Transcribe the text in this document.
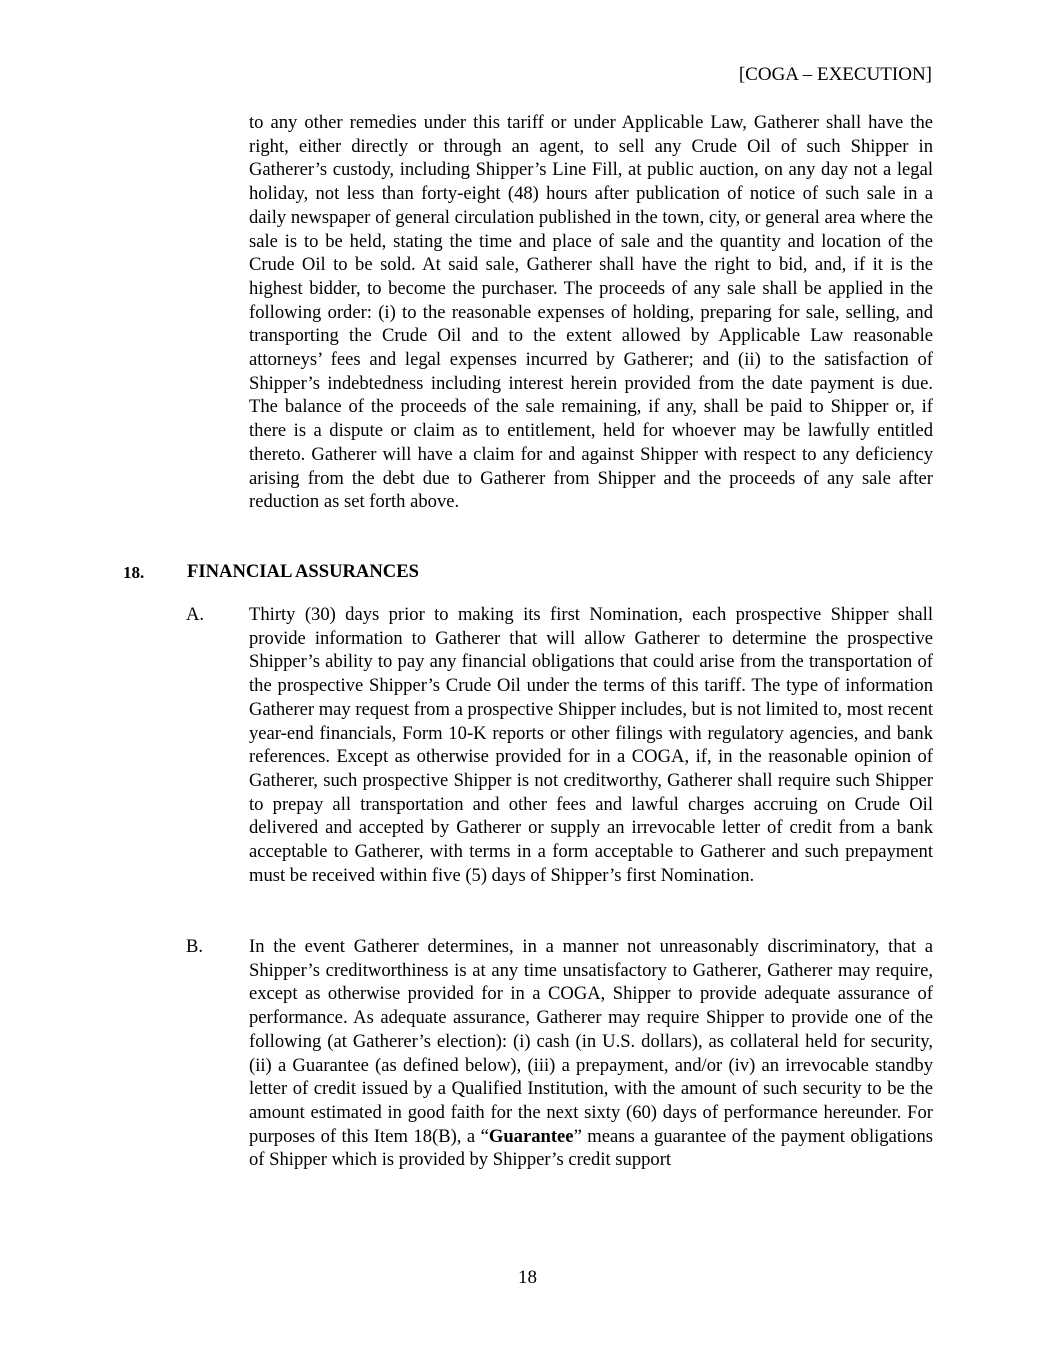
[COGA – EXECUTION]

to any other remedies under this tariff or under Applicable Law, Gatherer shall have the right, either directly or through an agent, to sell any Crude Oil of such Shipper in Gatherer’s custody, including Shipper’s Line Fill, at public auction, on any day not a legal holiday, not less than forty-eight (48) hours after publication of notice of such sale in a daily newspaper of general circulation published in the town, city, or general area where the sale is to be held, stating the time and place of sale and the quantity and location of the Crude Oil to be sold. At said sale, Gatherer shall have the right to bid, and, if it is the highest bidder, to become the purchaser. The proceeds of any sale shall be applied in the following order: (i) to the reasonable expenses of holding, preparing for sale, selling, and transporting the Crude Oil and to the extent allowed by Applicable Law reasonable attorneys’ fees and legal expenses incurred by Gatherer; and (ii) to the satisfaction of Shipper’s indebtedness including interest herein provided from the date payment is due. The balance of the proceeds of the sale remaining, if any, shall be paid to Shipper or, if there is a dispute or claim as to entitlement, held for whoever may be lawfully entitled thereto. Gatherer will have a claim for and against Shipper with respect to any deficiency arising from the debt due to Gatherer from Shipper and the proceeds of any sale after reduction as set forth above.

18. FINANCIAL ASSURANCES
A. Thirty (30) days prior to making its first Nomination, each prospective Shipper shall provide information to Gatherer that will allow Gatherer to determine the prospective Shipper’s ability to pay any financial obligations that could arise from the transportation of the prospective Shipper’s Crude Oil under the terms of this tariff. The type of information Gatherer may request from a prospective Shipper includes, but is not limited to, most recent year-end financials, Form 10-K reports or other filings with regulatory agencies, and bank references. Except as otherwise provided for in a COGA, if, in the reasonable opinion of Gatherer, such prospective Shipper is not creditworthy, Gatherer shall require such Shipper to prepay all transportation and other fees and lawful charges accruing on Crude Oil delivered and accepted by Gatherer or supply an irrevocable letter of credit from a bank acceptable to Gatherer, with terms in a form acceptable to Gatherer and such prepayment must be received within five (5) days of Shipper’s first Nomination.

B. In the event Gatherer determines, in a manner not unreasonably discriminatory, that a Shipper’s creditworthiness is at any time unsatisfactory to Gatherer, Gatherer may require, except as otherwise provided for in a COGA, Shipper to provide adequate assurance of performance. As adequate assurance, Gatherer may require Shipper to provide one of the following (at Gatherer’s election): (i) cash (in U.S. dollars), as collateral held for security, (ii) a Guarantee (as defined below), (iii) a prepayment, and/or (iv) an irrevocable standby letter of credit issued by a Qualified Institution, with the amount of such security to be the amount estimated in good faith for the next sixty (60) days of performance hereunder. For purposes of this Item 18(B), a “Guarantee” means a guarantee of the payment obligations of Shipper which is provided by Shipper’s credit support

18
